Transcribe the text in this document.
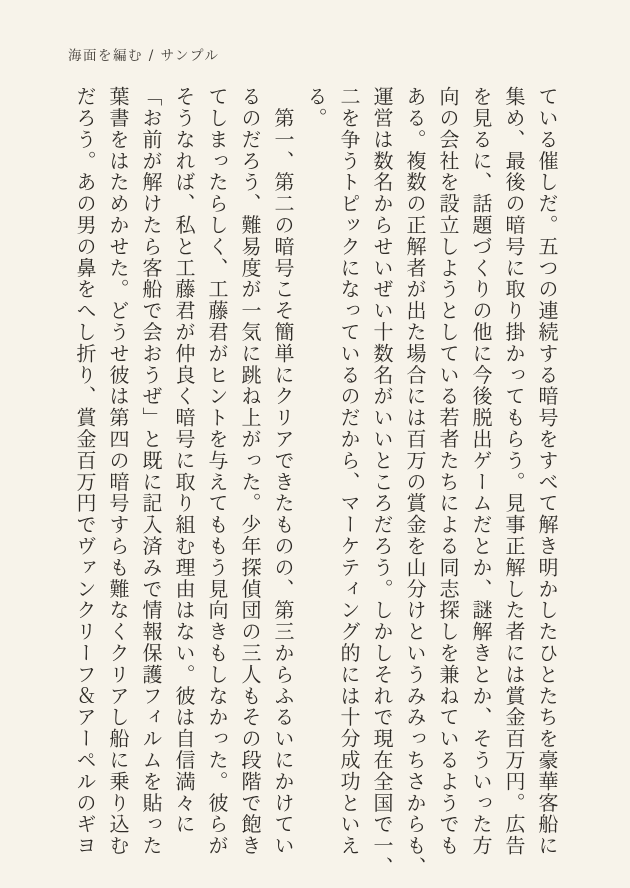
海面を編む / サンプル
ている催しだ。五つの連続する暗号をすべて解き明かしたひとたちを豪華客船に
集め、最後の暗号に取り掛かってもらう。見事正解した者には賞金百万円。広告
を見るに、話題づくりの他に今後脱出ゲームだとか、謎解きとか、そういった方
向の会社を設立しようとしている若者たちによる同志探しを兼ねているようでも
ある。複数の正解者が出た場合には百万の賞金を山分けというみみっちさからも、
運営は数名からせいぜい十数名がいいところだろう。しかしそれで現在全国で一、
二を争うトピックになっているのだから、マーケティング的には十分成功といえ
る。
　第一、第二の暗号こそ簡単にクリアできたものの、第三からふるいにかけてい
るのだろう、難易度が一気に跳ね上がった。少年探偵団の三人もその段階で飽き
てしまったらしく、工藤君がヒントを与えてももう見向きもしなかった。彼らが
そうなれば、私と工藤君が仲良く暗号に取り組む理由はない。彼は自信満々に
「お前が解けたら客船で会おうぜ」と既に記入済みで情報保護フィルムを貼った
葉書をはためかせた。どうせ彼は第四の暗号すらも難なくクリアし船に乗り込む
だろう。あの男の鼻をへし折り、賞金百万円でヴァンクリーフ＆アーペルのギヨ
